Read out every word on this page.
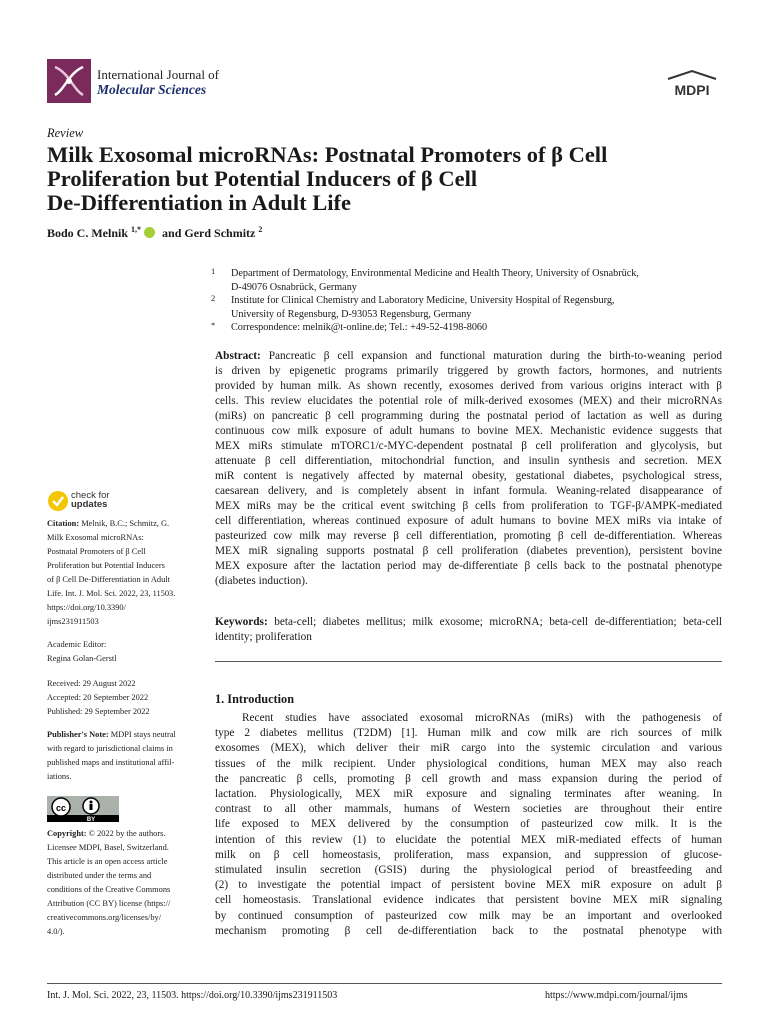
International Journal of
Molecular Sciences	MDPI
Review
Milk Exosomal microRNAs: Postnatal Promoters of β Cell
Proliferation but Potential Inducers of β Cell
De-Differentiation in Adult Life
Bodo C. Melnik $^{1,*}$  and Gerd Schmitz $^2$
1 Department of Dermatology, Environmental Medicine and Health Theory, University of Osnabrück,
D-49076 Osnabrück, Germany
2 Institute for Clinical Chemistry and Laboratory Medicine, University Hospital of Regensburg,
University of Regensburg, D-93053 Regensburg, Germany
* Correspondence: melnik@t-online.de; Tel.: +49-52-4198-8060
Abstract: Pancreatic β cell expansion and functional maturation during the birth-to-weaning period
is driven by epigenetic programs primarily triggered by growth factors, hormones, and nutrients
provided by human milk. As shown recently, exosomes derived from various origins interact with β
cells. This review elucidates the potential role of milk-derived exosomes (MEX) and their microRNAs
(miRs) on pancreatic β cell programming during the postnatal period of lactation as well as during
continuous cow milk exposure of adult humans to bovine MEX. Mechanistic evidence suggests that
MEX miRs stimulate mTORC1/c-MYC-dependent postnatal β cell proliferation and glycolysis, but
attenuate β cell differentiation, mitochondrial function, and insulin synthesis and secretion. MEX
miR content is negatively affected by maternal obesity, gestational diabetes, psychological stress,
caesarean delivery, and is completely absent in infant formula. Weaning-related disappearance of
MEX miRs may be the critical event switching β cells from proliferation to TGF-β/AMPK-mediated
cell differentiation, whereas continued exposure of adult humans to bovine MEX miRs via intake of
pasteurized cow milk may reverse β cell differentiation, promoting β cell de-differentiation. Whereas
MEX miR signaling supports postnatal β cell proliferation (diabetes prevention), persistent bovine
MEX exposure after the lactation period may de-differentiate β cells back to the postnatal phenotype
(diabetes induction).
Keywords: beta-cell; diabetes mellitus; milk exosome; microRNA; beta-cell de-differentiation; beta-cell
identity; proliferation
1. Introduction
Recent studies have associated exosomal microRNAs (miRs) with the pathogenesis of
type 2 diabetes mellitus (T2DM) [1]. Human milk and cow milk are rich sources of milk
exosomes (MEX), which deliver their miR cargo into the systemic circulation and various
tissues of the milk recipient. Under physiological conditions, human MEX may also reach
the pancreatic β cells, promoting β cell growth and mass expansion during the period of
lactation. Physiologically, MEX miR exposure and signaling terminates after weaning. In
contrast to all other mammals, humans of Western societies are throughout their entire
life exposed to MEX delivered by the consumption of pasteurized cow milk. It is the
intention of this review (1) to elucidate the potential MEX miR-mediated effects of human
milk on β cell homeostasis, proliferation, mass expansion, and suppression of glucose-
stimulated insulin secretion (GSIS) during the physiological period of breastfeeding and
(2) to investigate the potential impact of persistent bovine MEX miR exposure on adult β
cell homeostasis. Translational evidence indicates that persistent bovine MEX miR signaling
by continued consumption of pasteurized cow milk may be an important and overlooked
mechanism promoting β cell de-differentiation back to the postnatal phenotype with
check for
updates
Citation: Melnik, B.C.; Schmitz, G.
Milk Exosomal microRNAs:
Postnatal Promoters of β Cell
Proliferation but Potential Inducers
of β Cell De-Differentiation in Adult
Life. Int. J. Mol. Sci. 2022, 23, 11503.
https://doi.org/10.3390/
ijms231911503
Academic Editor:
Regina Golan-Gerstl
Received: 29 August 2022
Accepted: 20 September 2022
Published: 29 September 2022
Publisher's Note: MDPI stays neutral
with regard to jurisdictional claims in
published maps and institutional affil-
iations.
cc
BY
Copyright: © 2022 by the authors.
Licensee MDPI, Basel, Switzerland.
This article is an open access article
distributed under the terms and
conditions of the Creative Commons
Attribution (CC BY) license (https://
creativecommons.org/licenses/by/
4.0/).
Int. J. Mol. Sci. 2022, 23, 11503. https://doi.org/10.3390/ijms231911503	https://www.mdpi.com/journal/ijms
